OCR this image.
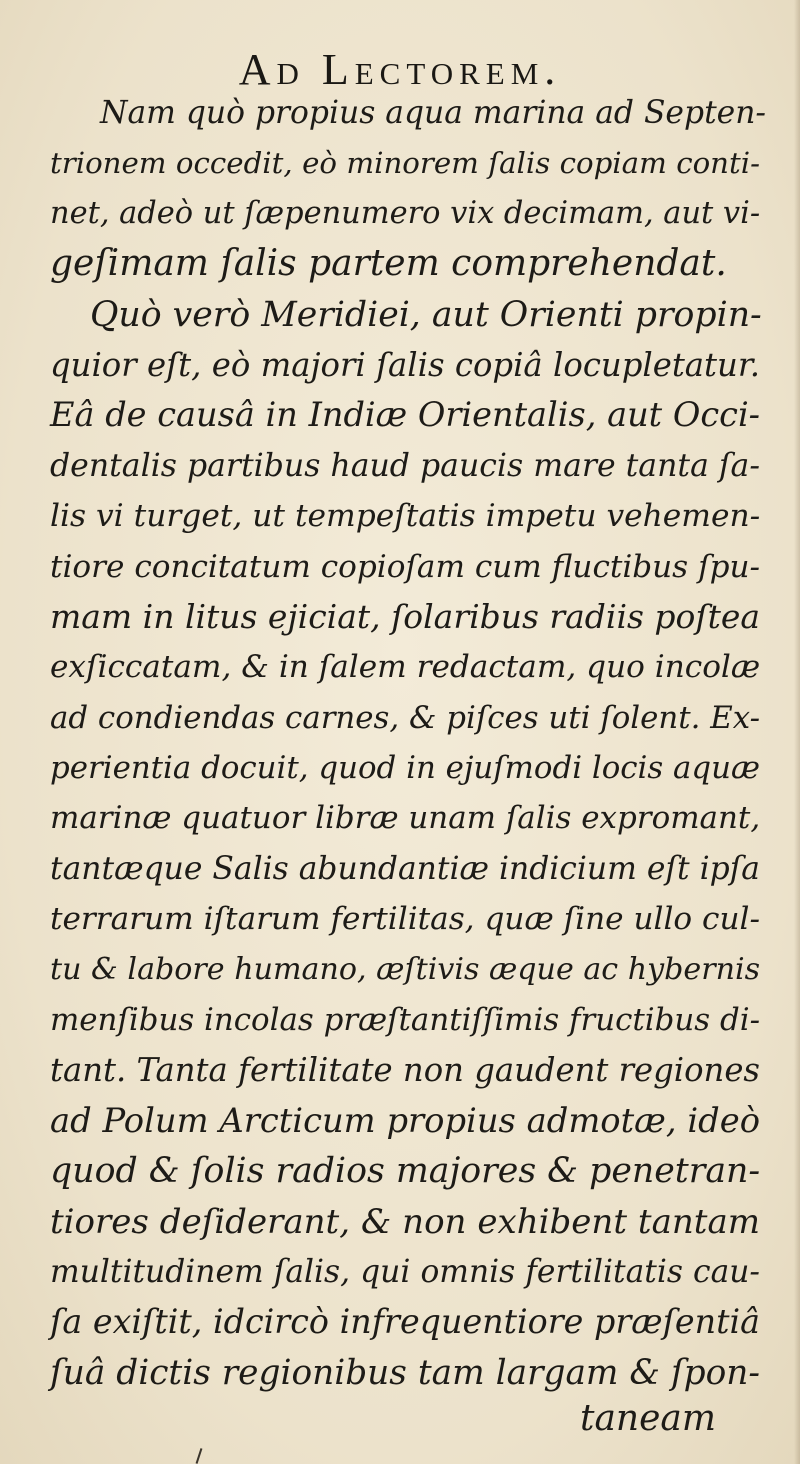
Ad Lectorem.
Nam quò propius aqua marina ad Septen-
trionem occedit, eò minorem ſalis copiam conti-
net, adeò ut ſæpenumero vix decimam, aut vi-
geſimam ſalis partem comprehendat.
Quò verò Meridiei, aut Orienti propin-
quior eſt, eò majori ſalis copiâ locupletatur.
Eâ de causâ in Indiæ Orientalis, aut Occi-
dentalis partibus haud paucis mare tanta ſa-
lis vi turget, ut tempeſtatis impetu vehemen-
tiore concitatum copioſam cum fluctibus ſpu-
mam in litus ejiciat, ſolaribus radiis poſtea
exſiccatam, & in ſalem redactam, quo incolæ
ad condiendas carnes, & piſces uti ſolent. Ex-
perientia docuit, quod in ejuſmodi locis aquæ
marinæ quatuor libræ unam ſalis expromant,
tantæque Salis abundantiæ indicium eſt ipſa
terrarum iſtarum fertilitas, quæ ſine ullo cul-
tu & labore humano, æſtivis æque ac hybernis
menſibus incolas præſtantiſſimis fructibus di-
tant. Tanta fertilitate non gaudent regiones
ad Polum Arcticum propius admotæ, ideò
quod & ſolis radios majores & penetran-
tiores deſiderant, & non exhibent tantam
multitudinem ſalis, qui omnis fertilitatis cau-
ſa exiſtit, idcircò infrequentiore præſentiâ
ſuâ dictis regionibus tam largam & ſpon-
taneam
